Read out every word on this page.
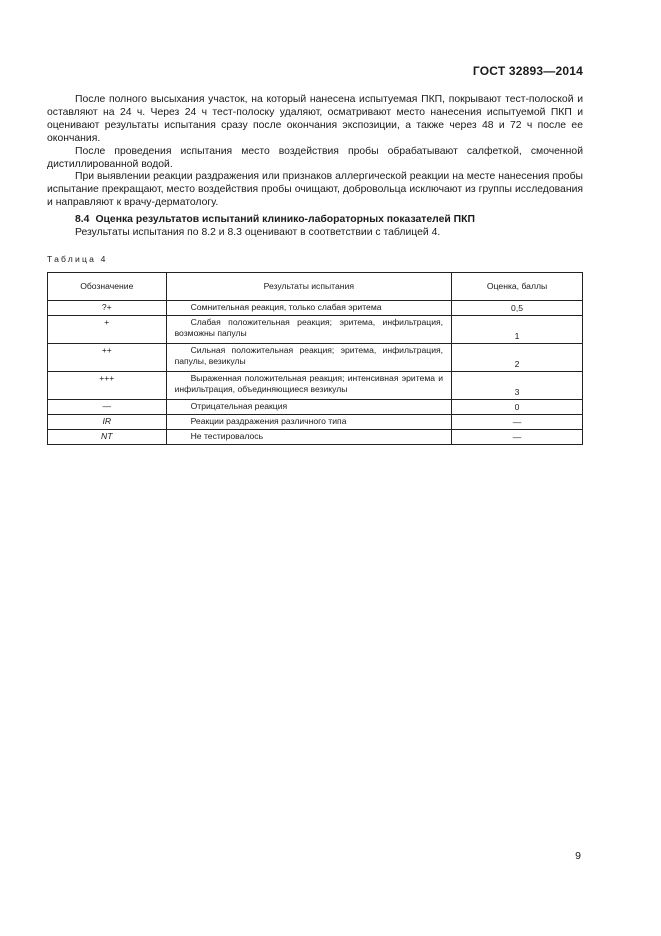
ГОСТ 32893—2014

После полного высыхания участок, на который нанесена испытуемая ПКП, покрывают тест-полоской и оставляют на 24 ч. Через 24 ч тест-полоску удаляют, осматривают место нанесения испытуемой ПКП и оценивают результаты испытания сразу после окончания экспозиции, а также через 48 и 72 ч после ее окончания.

После проведения испытания место воздействия пробы обрабатывают салфеткой, смоченной дистиллированной водой.

При выявлении реакции раздражения или признаков аллергической реакции на месте нанесения пробы испытание прекращают, место воздействия пробы очищают, добровольца исключают из группы исследования и направляют к врачу-дерматологу.

8.4 Оценка результатов испытаний клинико-лабораторных показателей ПКП

Результаты испытания по 8.2 и 8.3 оценивают в соответствии с таблицей 4.

Таблица 4
Обозначение	Результаты испытания	Оценка, баллы
?+	Сомнительная реакция, только слабая эритема	0,5
+	Слабая положительная реакция; эритема, инфильтрация, возможны папулы	1
++	Сильная положительная реакция; эритема, инфильтрация, папулы, везикулы	2
+++	Выраженная положительная реакция; интенсивная эритема и инфильтрация, объединяющиеся везикулы	3
—	Отрицательная реакция	0
IR	Реакции раздражения различного типа	—
NT	Не тестировалось	—
9
